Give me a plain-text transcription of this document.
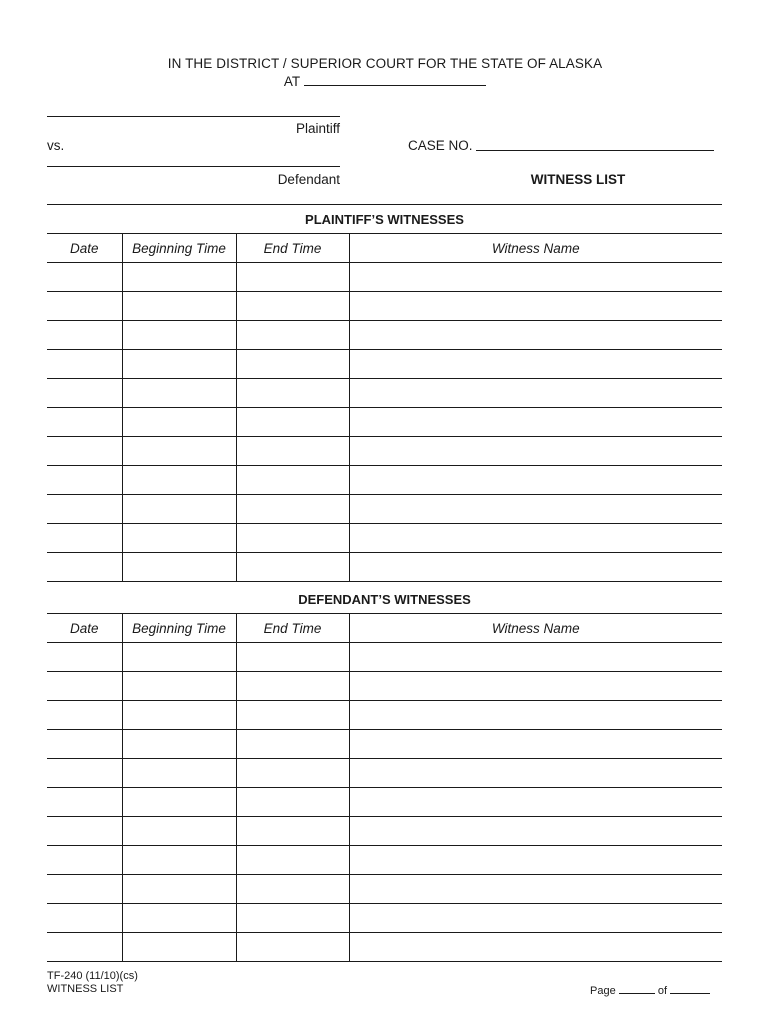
IN THE DISTRICT / SUPERIOR COURT FOR THE STATE OF ALASKA
AT
Plaintiff
vs.	CASE NO.
Defendant	WITNESS LIST
PLAINTIFF’S WITNESSES
Date	Beginning Time	End Time	Witness Name

DEFENDANT’S WITNESSES
Date	Beginning Time	End Time	Witness Name

TF-240 (11/10)(cs)
WITNESS LIST	Page	of
